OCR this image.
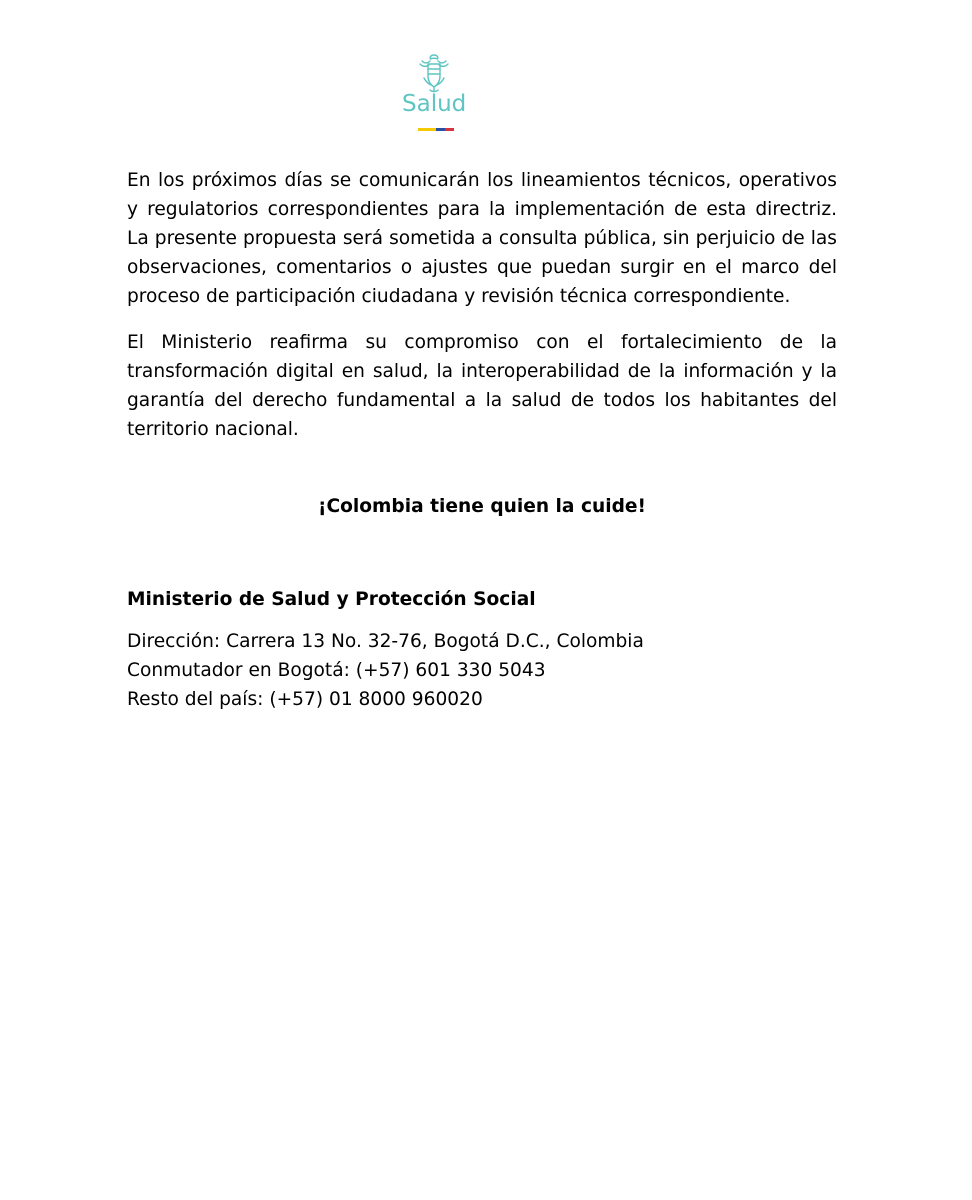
Salud

En los próximos días se comunicarán los lineamientos técnicos, operativos y regulatorios correspondientes para la implementación de esta directriz. La presente propuesta será sometida a consulta pública, sin perjuicio de las observaciones, comentarios o ajustes que puedan surgir en el marco del proceso de participación ciudadana y revisión técnica correspondiente.

El Ministerio reafirma su compromiso con el fortalecimiento de la transformación digital en salud, la interoperabilidad de la información y la garantía del derecho fundamental a la salud de todos los habitantes del territorio nacional.

¡Colombia tiene quien la cuide!
Ministerio de Salud y Protección Social
Dirección: Carrera 13 No. 32-76, Bogotá D.C., Colombia
Conmutador en Bogotá: (+57) 601 330 5043
Resto del país: (+57) 01 8000 960020
